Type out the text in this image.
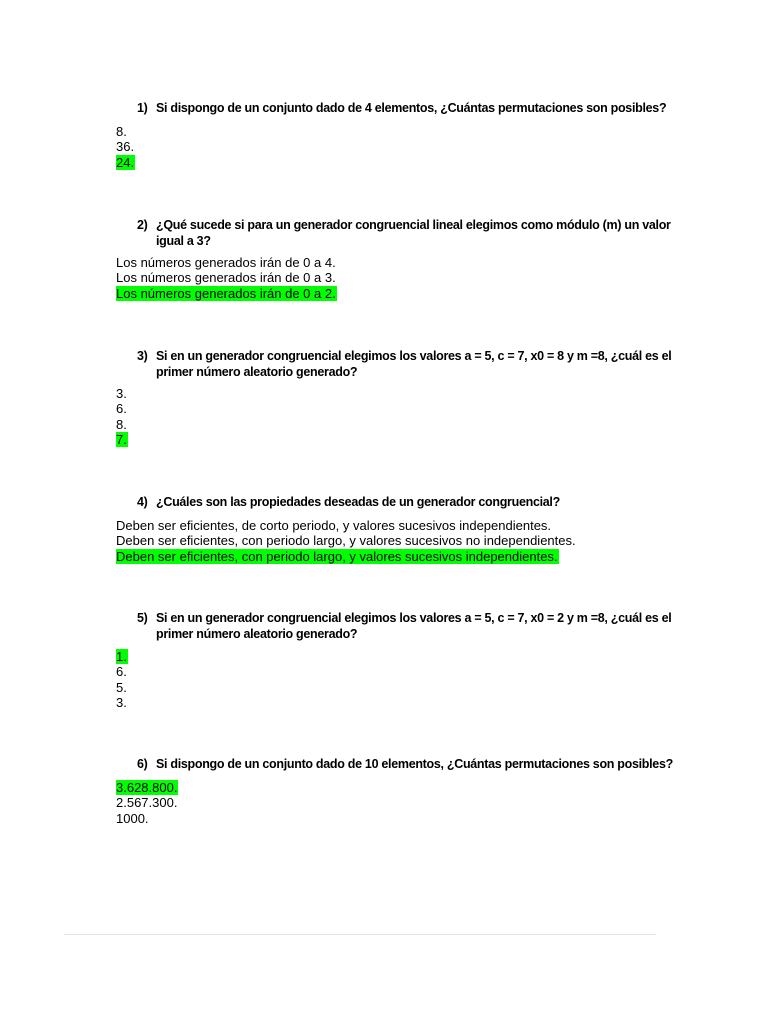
1) Si dispongo de un conjunto dado de 4 elementos, ¿Cuántas permutaciones son posibles?
8.
36.
24.
2) ¿Qué sucede si para un generador congruencial lineal elegimos como módulo (m) un valor igual a 3?
Los números generados irán de 0 a 4.
Los números generados irán de 0 a 3.
Los números generados irán de 0 a 2.
3) Si en un generador congruencial elegimos los valores a = 5, c = 7, x0 = 8 y m =8, ¿cuál es el primer número aleatorio generado?
3.
6.
8.
7.
4) ¿Cuáles son las propiedades deseadas de un generador congruencial?
Deben ser eficientes, de corto periodo, y valores sucesivos independientes.
Deben ser eficientes, con periodo largo, y valores sucesivos no independientes.
Deben ser eficientes, con periodo largo, y valores sucesivos independientes.
5) Si en un generador congruencial elegimos los valores a = 5, c = 7, x0 = 2 y m =8, ¿cuál es el primer número aleatorio generado?
1.
6.
5.
3.
6) Si dispongo de un conjunto dado de 10 elementos, ¿Cuántas permutaciones son posibles?
3.628.800.
2.567.300.
1000.
